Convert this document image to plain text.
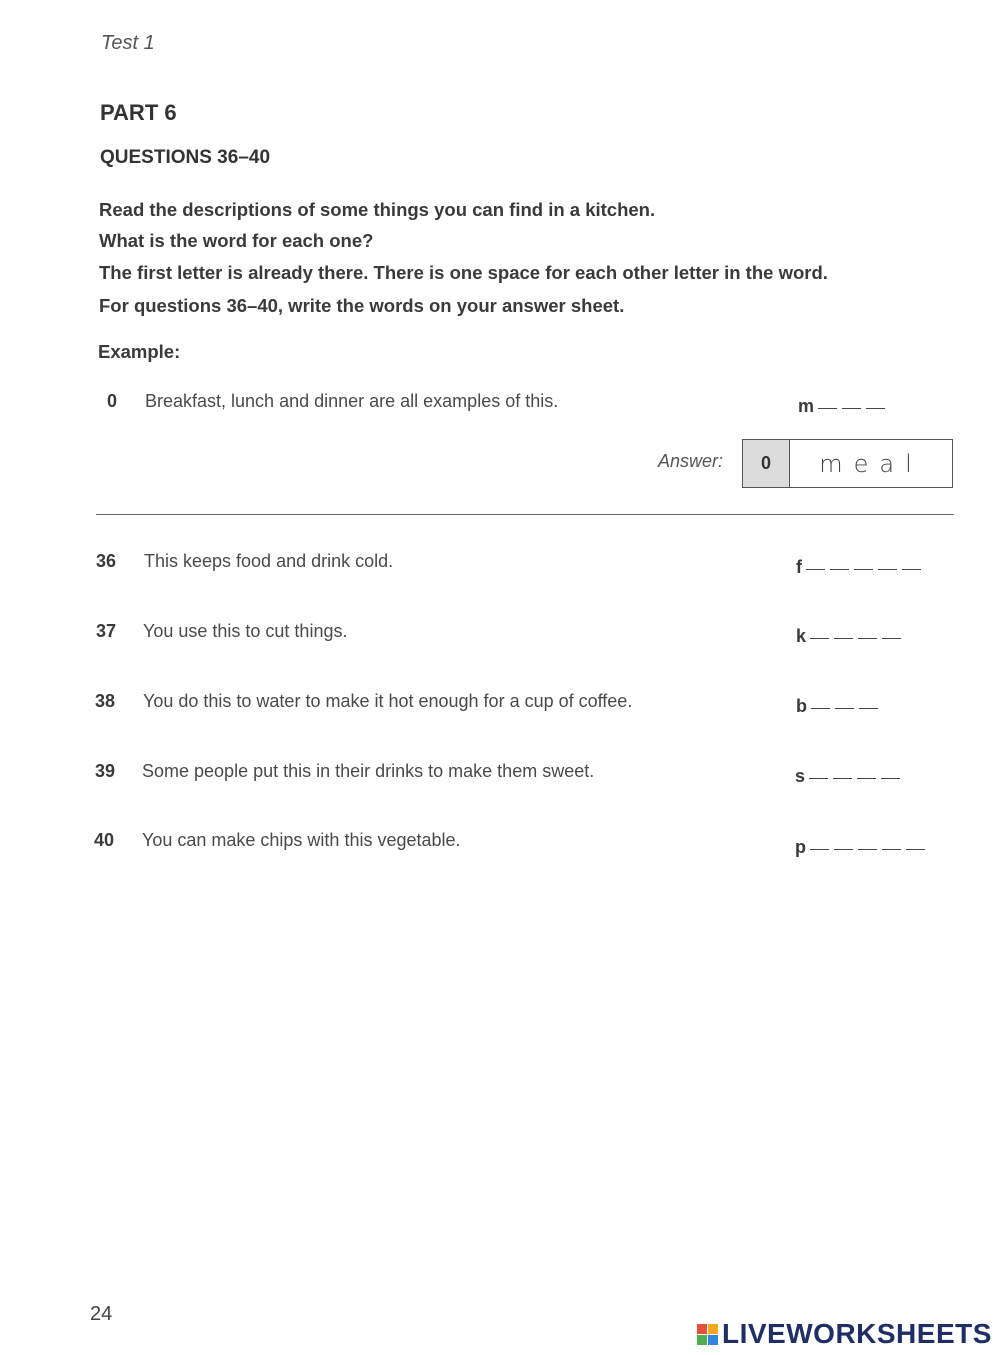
Test 1
PART 6
QUESTIONS 36–40
Read the descriptions of some things you can find in a kitchen.
What is the word for each one?
The first letter is already there. There is one space for each other letter in the word.
For questions 36–40, write the words on your answer sheet.
Example:
0 Breakfast, lunch and dinner are all examples of this.	m
Answer:	0	meal
36 This keeps food and drink cold.	f
37 You use this to cut things.	k
38 You do this to water to make it hot enough for a cup of coffee.	b
39 Some people put this in their drinks to make them sweet.	s
40 You can make chips with this vegetable.	p
24
LIVEWORKSHEETS
